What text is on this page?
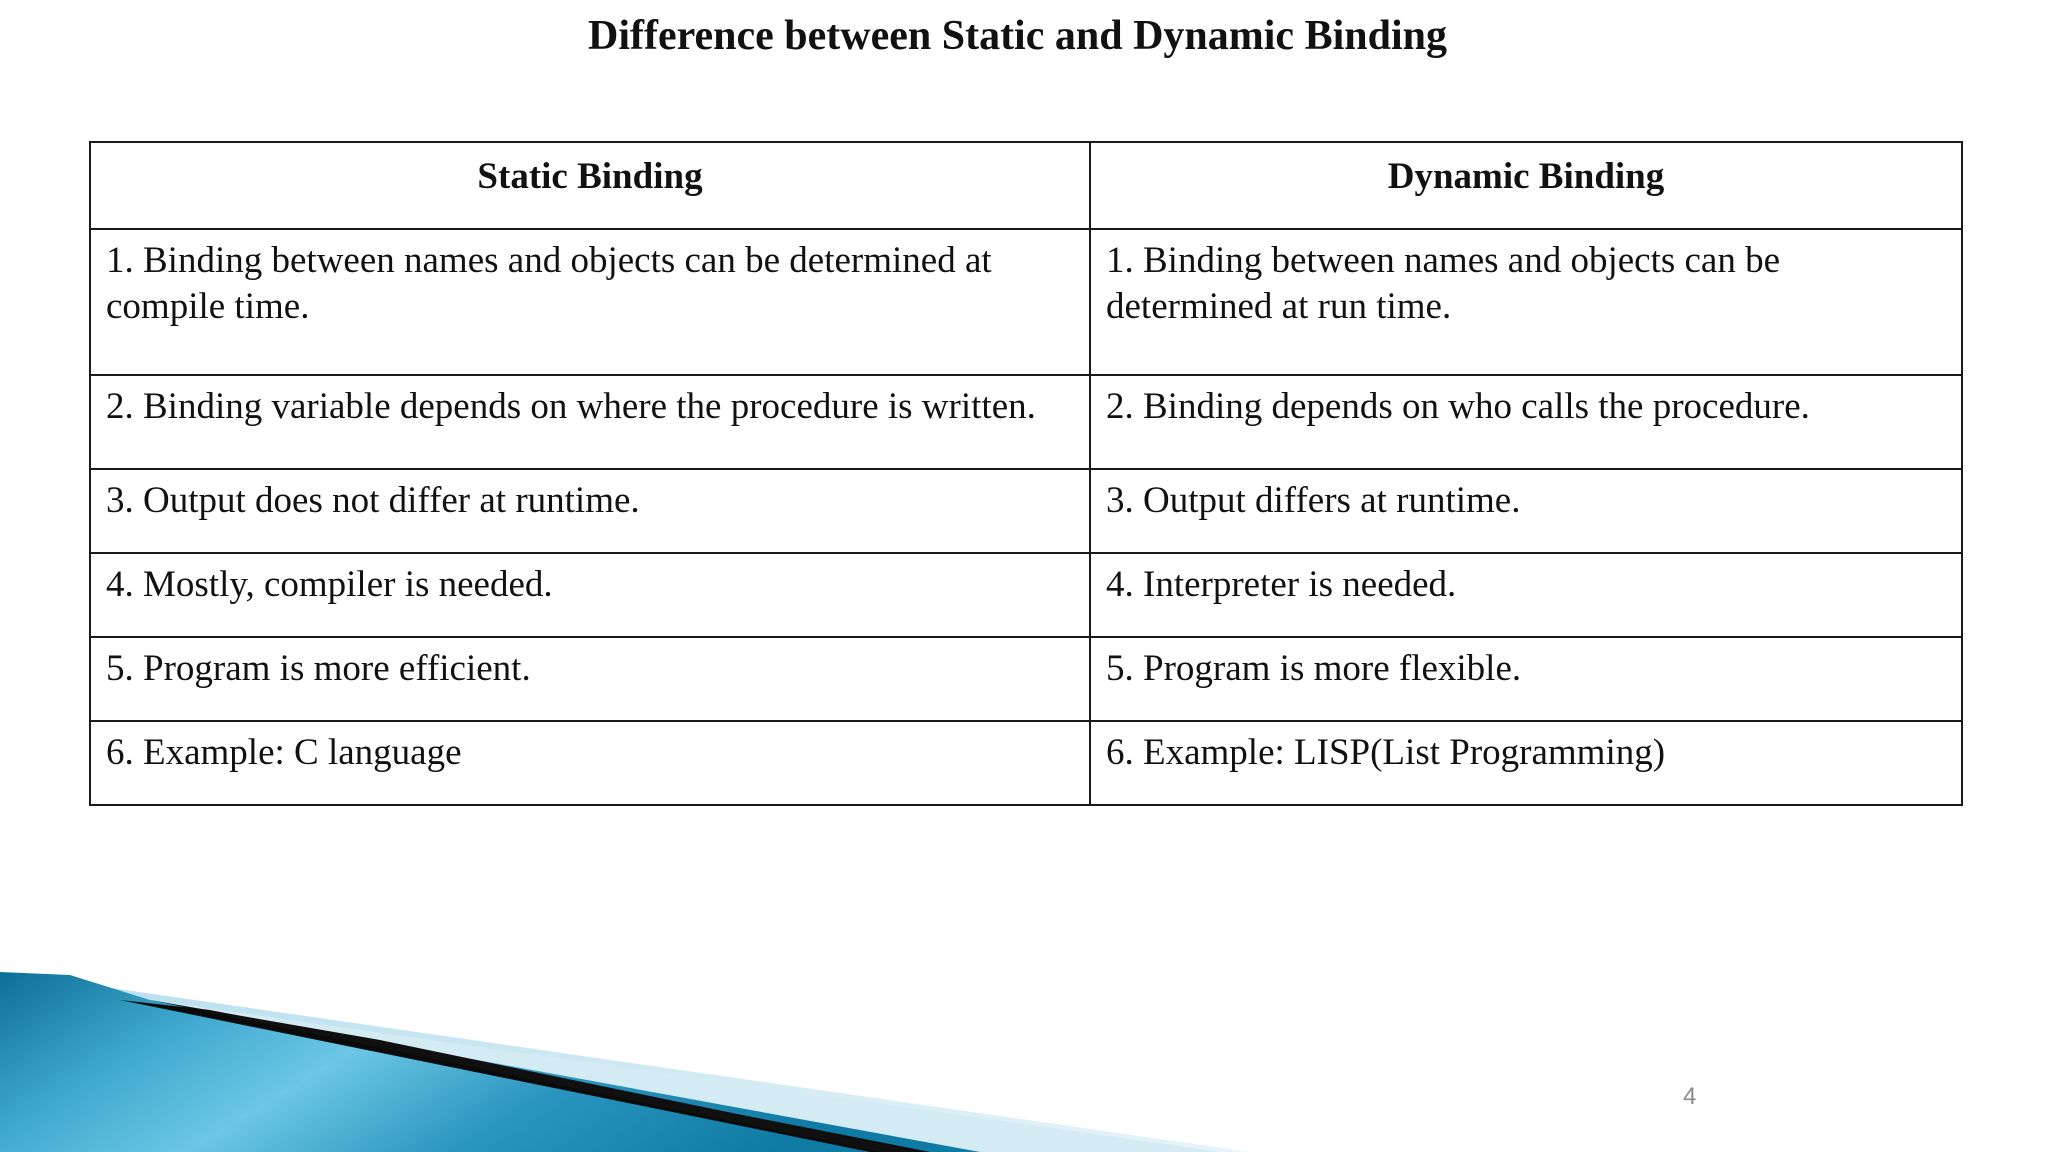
Difference between Static and Dynamic Binding
Static Binding	Dynamic Binding
1. Binding between names and objects can be determined at compile time.	1. Binding between names and objects can be determined at run time.
2. Binding variable depends on where the procedure is written.	2. Binding depends on who calls the procedure.
3. Output does not differ at runtime.	3. Output differs at runtime.
4. Mostly, compiler is needed.	4. Interpreter is needed.
5. Program is more efficient.	5. Program is more flexible.
6. Example: C language	6. Example: LISP(List Programming)
4
